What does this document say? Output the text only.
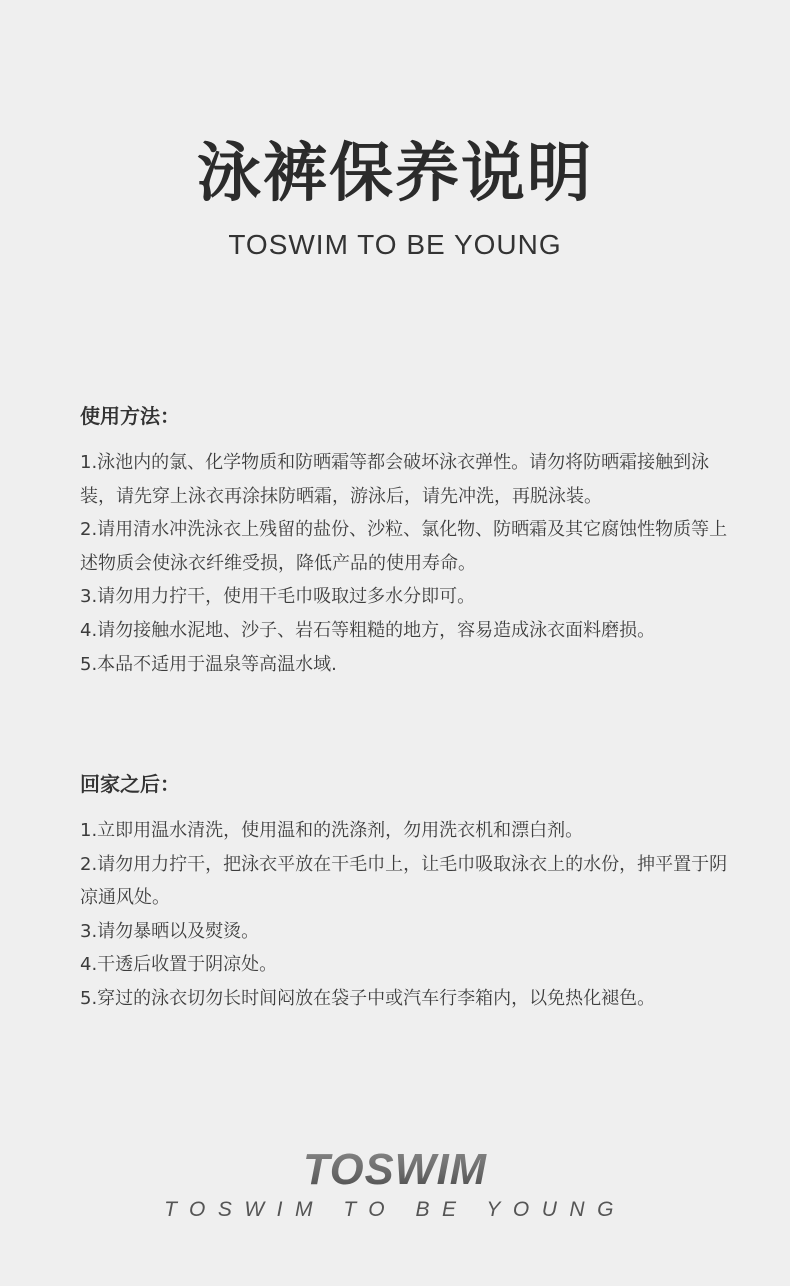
泳裤保养说明
TOSWIM TO BE YOUNG
使用方法：

1.泳池内的氯、化学物质和防晒霜等都会破坏泳衣弹性。请勿将防晒霜接触到泳装，请先穿上泳衣再涂抹防晒霜，游泳后，请先冲洗，再脱泳装。

2.请用清水冲洗泳衣上残留的盐份、沙粒、氯化物、防晒霜及其它腐蚀性物质等上述物质会使泳衣纤维受损，降低产品的使用寿命。

3.请勿用力拧干，使用干毛巾吸取过多水分即可。

4.请勿接触水泥地、沙子、岩石等粗糙的地方，容易造成泳衣面料磨损。

5.本品不适用于温泉等高温水域.

回家之后：

1.立即用温水清洗，使用温和的洗涤剂，勿用洗衣机和漂白剂。

2.请勿用力拧干，把泳衣平放在干毛巾上，让毛巾吸取泳衣上的水份，抻平置于阴凉通风处。

3.请勿暴晒以及熨烫。

4.干透后收置于阴凉处。

5.穿过的泳衣切勿长时间闷放在袋子中或汽车行李箱内，以免热化褪色。

TOSWIM
TOSWIM TO BE YOUNG
